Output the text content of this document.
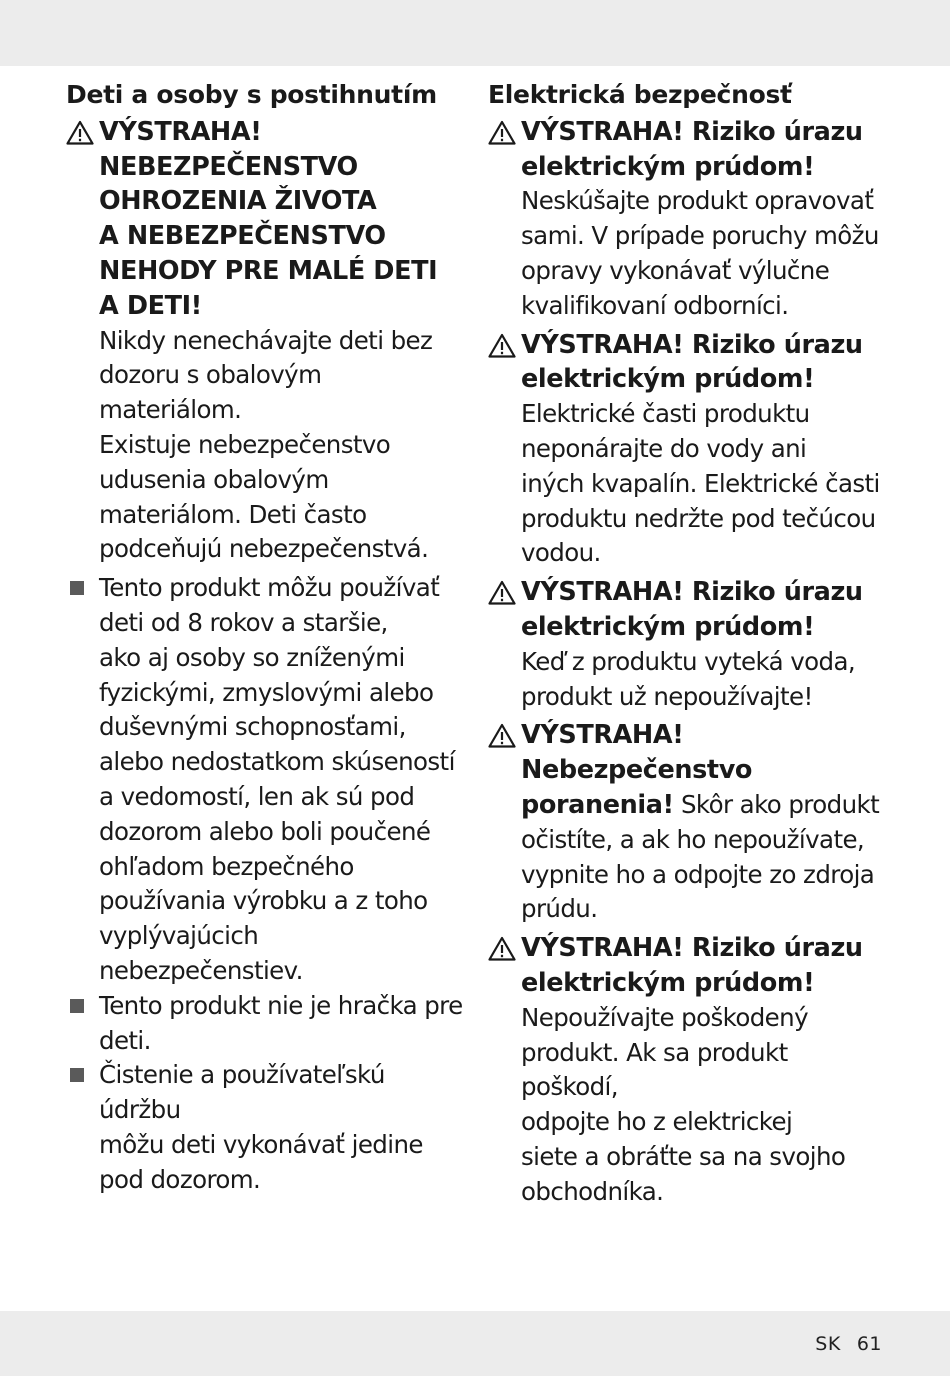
Deti a osoby s postihnutím
VÝSTRAHA!
NEBEZPEČENSTVO
OHROZENIA ŽIVOTA
A NEBEZPEČENSTVO
NEHODY PRE MALÉ DETI
A DETI!
Nikdy nenechávajte deti bez
dozoru s obalovým materiálom.
Existuje nebezpečenstvo
udusenia obalovým
materiálom. Deti často
podceňujú nebezpečenstvá.
Tento produkt môžu používať
deti od 8 rokov a staršie,
ako aj osoby so zníženými
fyzickými, zmyslovými alebo
duševnými schopnosťami,
alebo nedostatkom skúseností
a vedomostí, len ak sú pod
dozorom alebo boli poučené
ohľadom bezpečného
používania výrobku a z toho
vyplývajúcich nebezpečenstiev.
Tento produkt nie je hračka pre
deti.
Čistenie a používateľskú údržbu
môžu deti vykonávať jedine
pod dozorom.
Elektrická bezpečnosť
VÝSTRAHA! Riziko úrazu
elektrickým prúdom!
Neskúšajte produkt opravovať
sami. V prípade poruchy môžu
opravy vykonávať výlučne
kvalifikovaní odborníci.
VÝSTRAHA! Riziko úrazu
elektrickým prúdom!
Elektrické časti produktu
neponárajte do vody ani
iných kvapalín. Elektrické časti
produktu nedržte pod tečúcou
vodou.
VÝSTRAHA! Riziko úrazu
elektrickým prúdom!
Keď z produktu vyteká voda,
produkt už nepoužívajte!
VÝSTRAHA!
Nebezpečenstvo
poranenia! Skôr ako produkt
očistíte, a ak ho nepoužívate,
vypnite ho a odpojte zo zdroja
prúdu.
VÝSTRAHA! Riziko úrazu
elektrickým prúdom!
Nepoužívajte poškodený
produkt. Ak sa produkt poškodí,
odpojte ho z elektrickej
siete a obráťte sa na svojho
obchodníka.
SK 61
